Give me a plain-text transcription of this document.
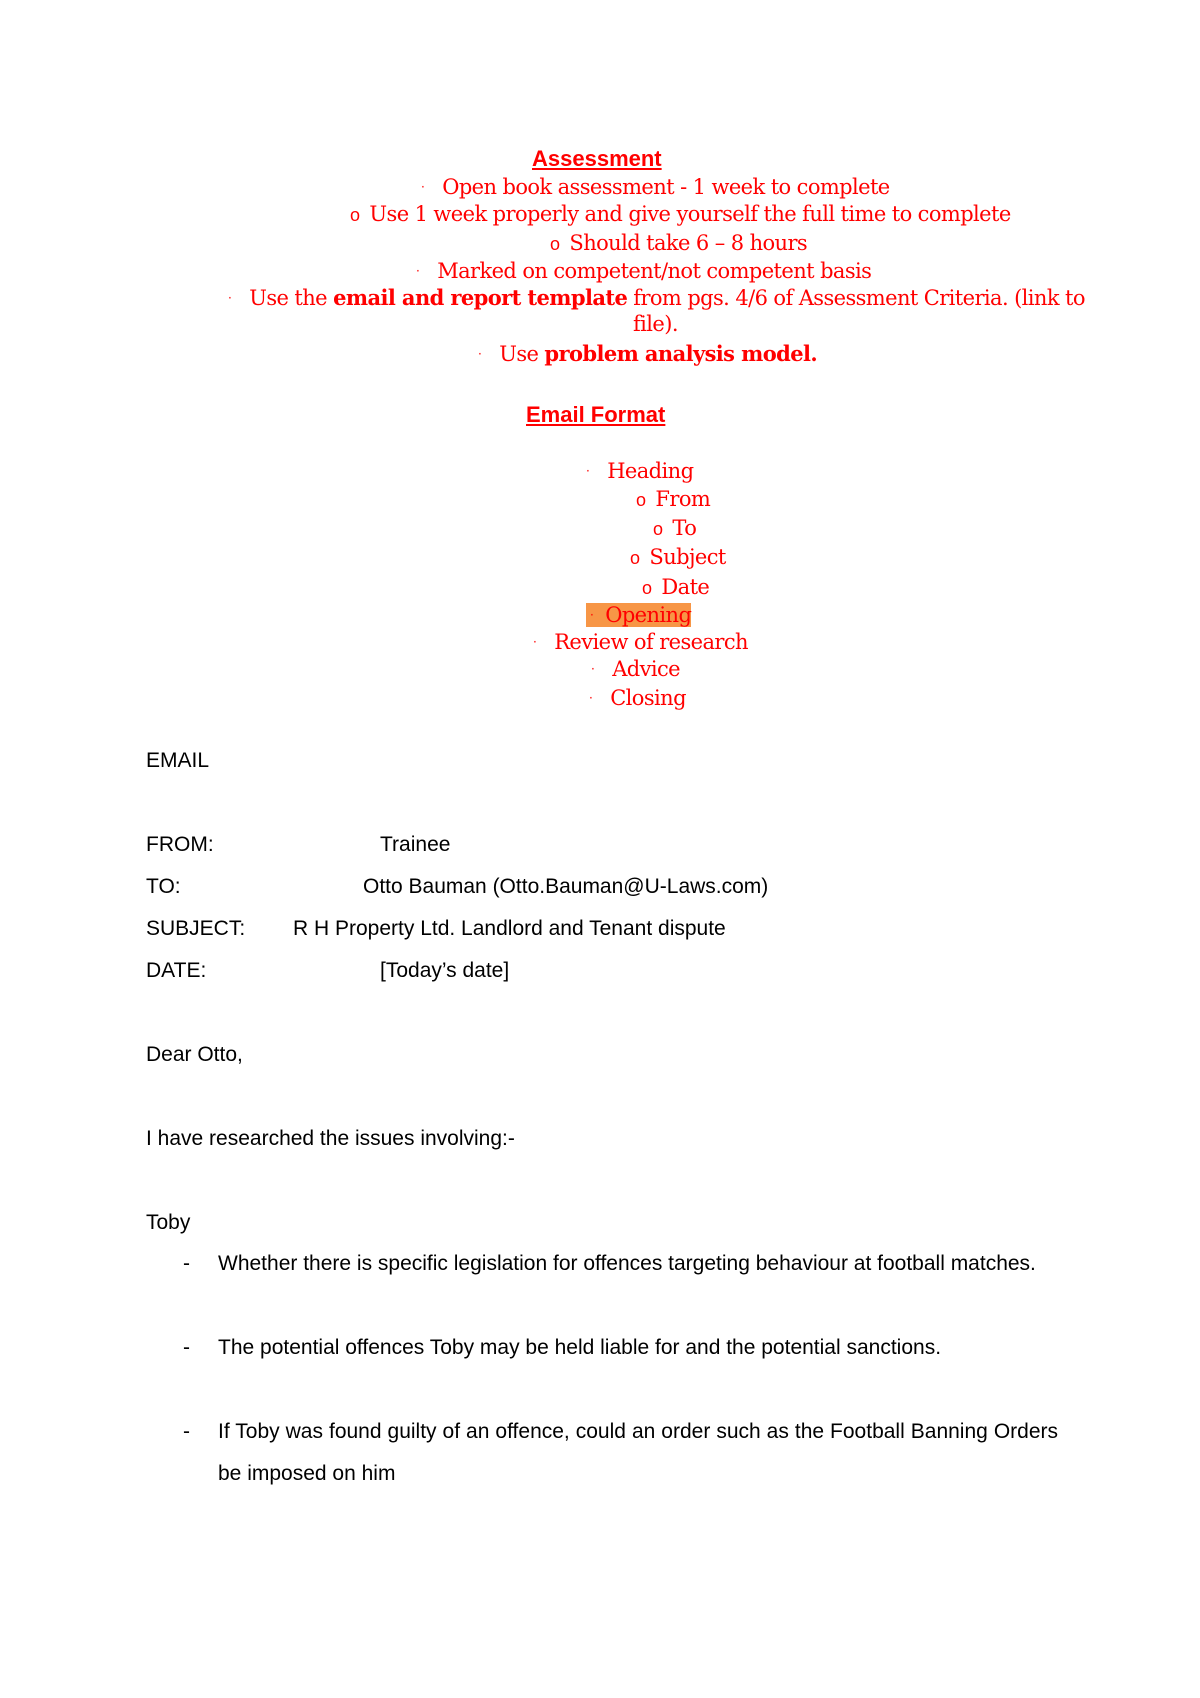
Assessment
· Open book assessment - 1 week to complete
o Use 1 week properly and give yourself the full time to complete
o Should take 6 – 8 hours
· Marked on competent/not competent basis
· Use the email and report template from pgs. 4/6 of Assessment Criteria. (link to
file).
· Use problem analysis model.
Email Format
· Heading
o From
o To
o Subject
o Date
· Opening
· Review of research
· Advice
· Closing
EMAIL
FROM:	Trainee
TO:	Otto Bauman (Otto.Bauman@U-Laws.com)
SUBJECT: R H Property Ltd. Landlord and Tenant dispute
DATE:	[Today’s date]
Dear Otto,
I have researched the issues involving:-
Toby
- Whether there is specific legislation for offences targeting behaviour at football matches.
- The potential offences Toby may be held liable for and the potential sanctions.
- If Toby was found guilty of an offence, could an order such as the Football Banning Orders be imposed on him
